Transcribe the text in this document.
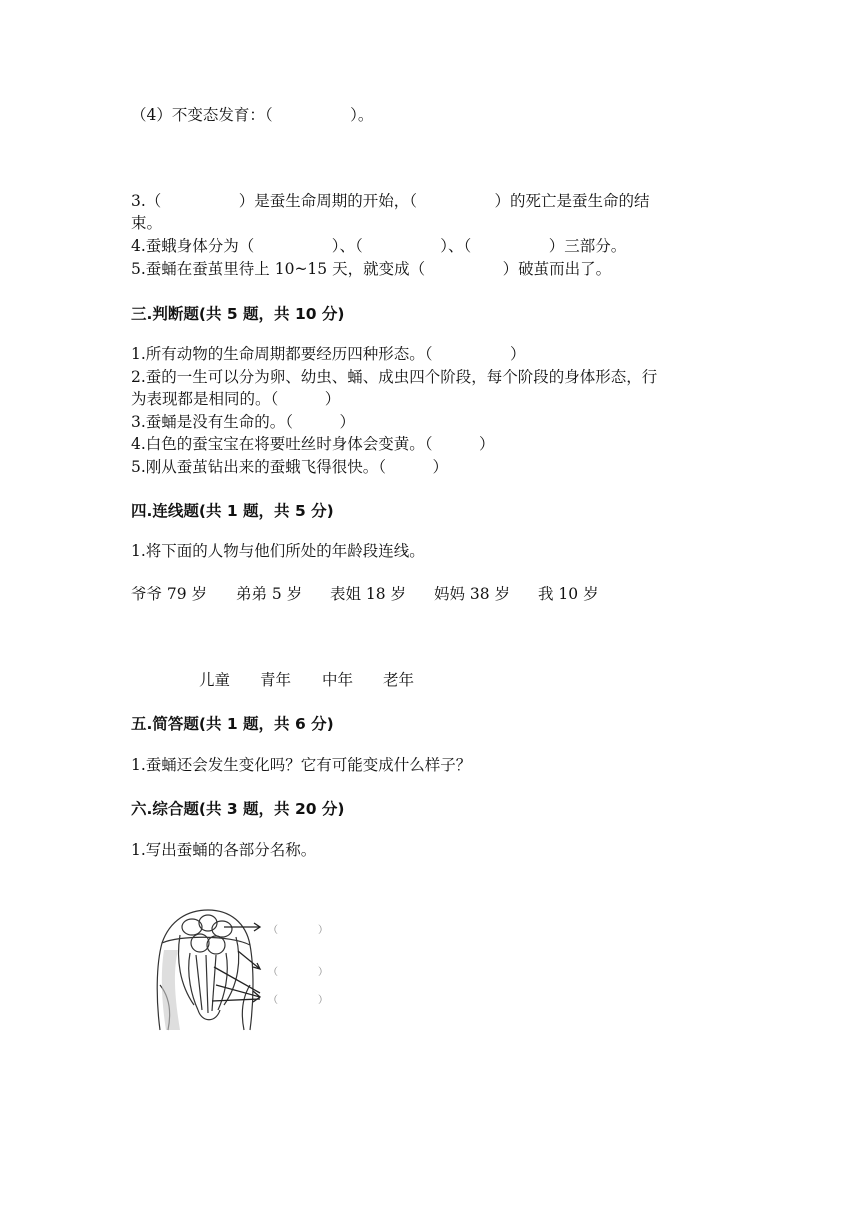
（4）不变态发育：（　　　　　）。
3.（　　　　　）是蚕生命周期的开始，（　　　　　）的死亡是蚕生命的结
束。
4.蚕蛾身体分为（　　　　　）、（　　　　　）、（　　　　　）三部分。
5.蚕蛹在蚕茧里待上 10~15 天，就变成（　　　　　）破茧而出了。
三.判断题(共 5 题，共 10 分)
1.所有动物的生命周期都要经历四种形态。（　　　　　）
2.蚕的一生可以分为卵、幼虫、蛹、成虫四个阶段，每个阶段的身体形态，行
为表现都是相同的。（　　　）
3.蚕蛹是没有生命的。（　　　）
4.白色的蚕宝宝在将要吐丝时身体会变黄。（　　　）
5.刚从蚕茧钻出来的蚕蛾飞得很快。（　　　）
四.连线题(共 1 题，共 5 分)
1.将下面的人物与他们所处的年龄段连线。

爷爷 79 岁

弟弟 5 岁

表姐 18 岁

妈妈 38 岁

我 10 岁

儿童 青年 中年 老年
五.简答题(共 1 题，共 6 分)
1.蚕蛹还会发生变化吗？它有可能变成什么样子？
六.综合题(共 3 题，共 20 分)
1.写出蚕蛹的各部分名称。
（　　　　）
（　　　　）
（　　　　）
